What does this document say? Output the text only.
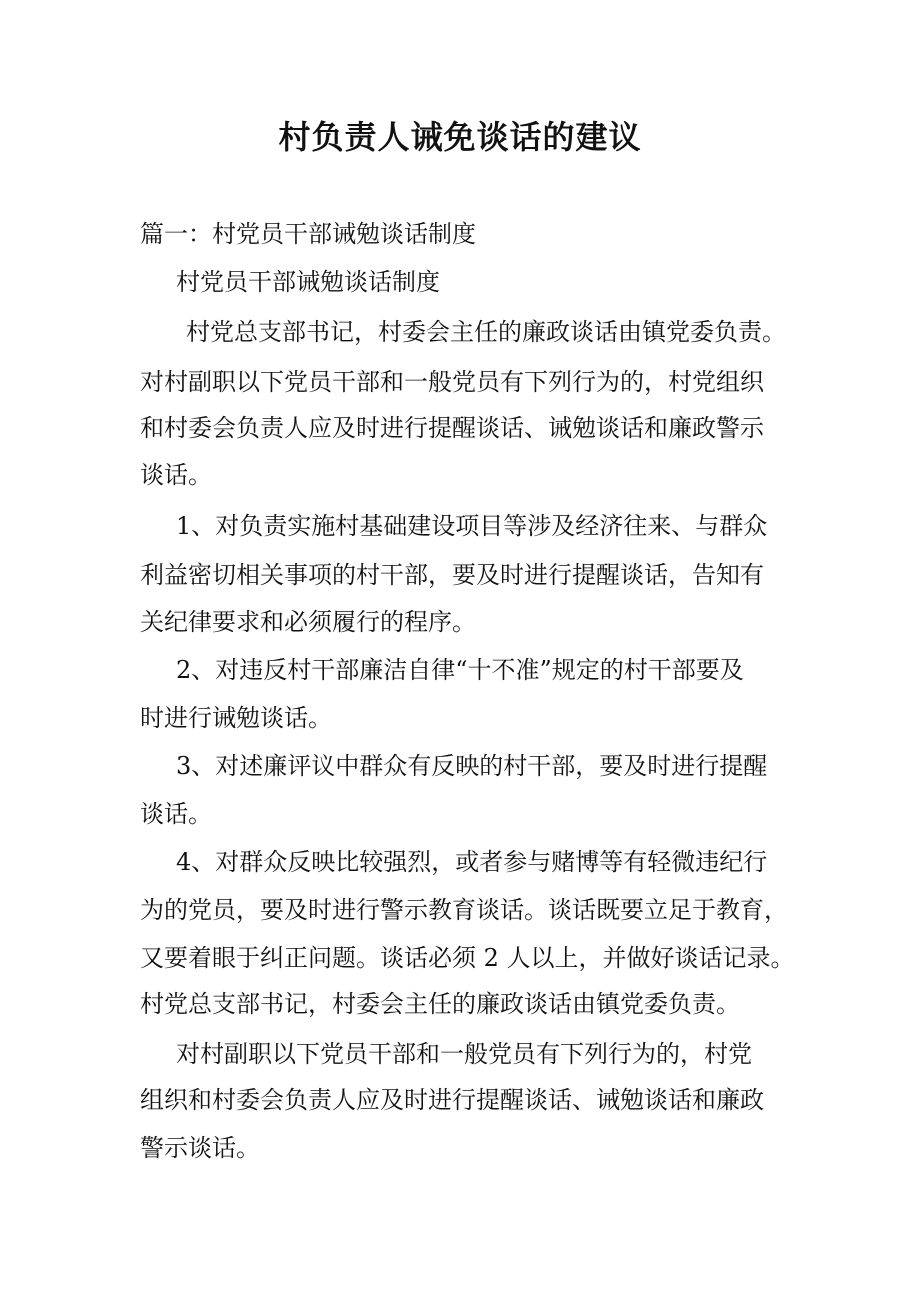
村负责人诫免谈话的建议

篇一：村党员干部诫勉谈话制度

村党员干部诫勉谈话制度

村党总支部书记，村委会主任的廉政谈话由镇党委负责。

对村副职以下党员干部和一般党员有下列行为的，村党组织

和村委会负责人应及时进行提醒谈话、诫勉谈话和廉政警示

谈话。

1、对负责实施村基础建设项目等涉及经济往来、与群众

利益密切相关事项的村干部，要及时进行提醒谈话，告知有

关纪律要求和必须履行的程序。

2、对违反村干部廉洁自律“十不准”规定的村干部要及

时进行诫勉谈话。

3、对述廉评议中群众有反映的村干部，要及时进行提醒

谈话。

4、对群众反映比较强烈，或者参与赌博等有轻微违纪行

为的党员，要及时进行警示教育谈话。谈话既要立足于教育，

又要着眼于纠正问题。谈话必须 2 人以上，并做好谈话记录。

村党总支部书记，村委会主任的廉政谈话由镇党委负责。

对村副职以下党员干部和一般党员有下列行为的，村党

组织和村委会负责人应及时进行提醒谈话、诫勉谈话和廉政

警示谈话。
